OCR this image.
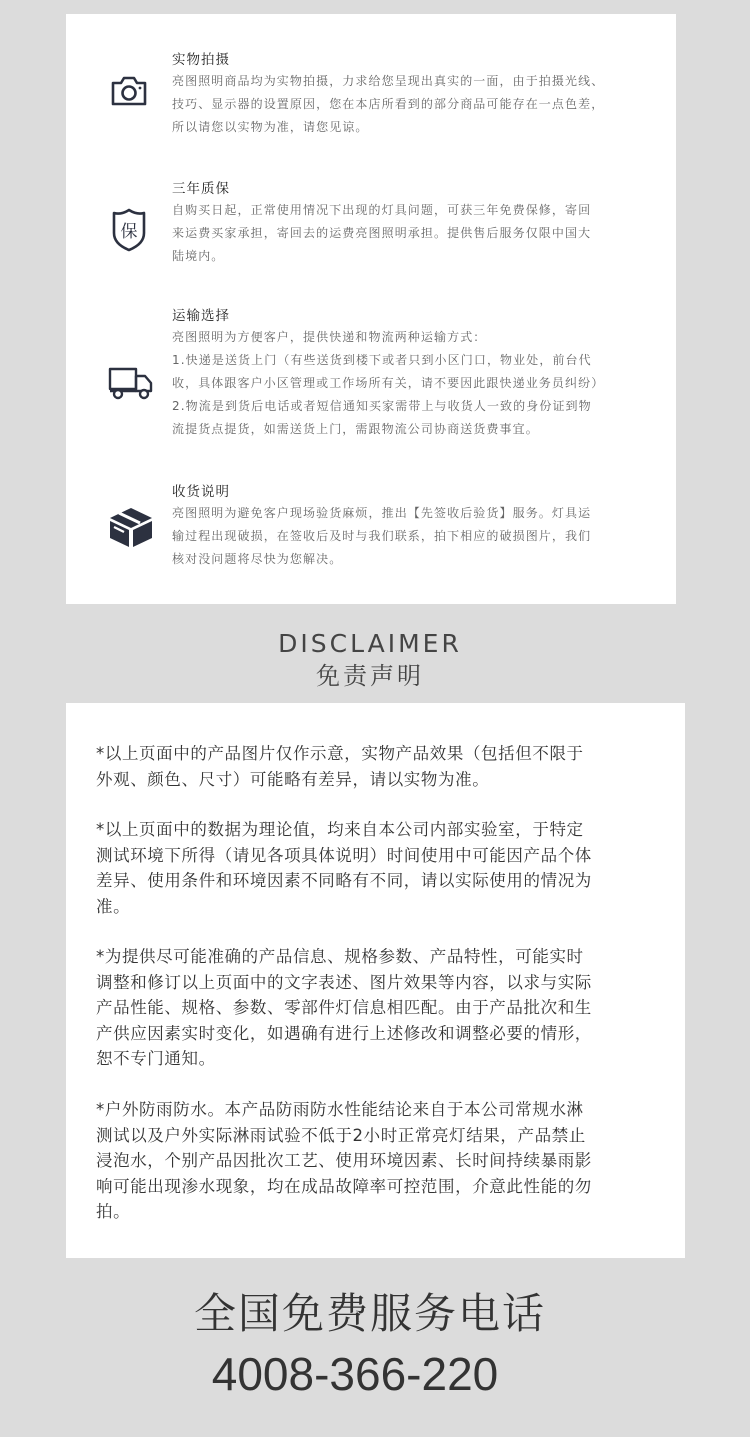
实物拍摄
亮图照明商品均为实物拍摄，力求给您呈现出真实的一面，由于拍摄光线、
技巧、显示器的设置原因，您在本店所看到的部分商品可能存在一点色差，
所以请您以实物为准，请您见谅。
保
三年质保
自购买日起，正常使用情况下出现的灯具问题，可获三年免费保修，寄回
来运费买家承担，寄回去的运费亮图照明承担。提供售后服务仅限中国大
陆境内。
运输选择
亮图照明为方便客户，提供快递和物流两种运输方式：
1.快递是送货上门（有些送货到楼下或者只到小区门口，物业处，前台代
收，具体跟客户小区管理或工作场所有关，请不要因此跟快递业务员纠纷）
2.物流是到货后电话或者短信通知买家需带上与收货人一致的身份证到物
流提货点提货，如需送货上门，需跟物流公司协商送货费事宜。
收货说明
亮图照明为避免客户现场验货麻烦，推出【先签收后验货】服务。灯具运
输过程出现破损，在签收后及时与我们联系，拍下相应的破损图片，我们
核对没问题将尽快为您解决。
DISCLAIMER
免责声明
*以上页面中的产品图片仅作示意，实物产品效果（包括但不限于
外观、颜色、尺寸）可能略有差异，请以实物为准。
*以上页面中的数据为理论值，均来自本公司内部实验室，于特定
测试环境下所得（请见各项具体说明）时间使用中可能因产品个体
差异、使用条件和环境因素不同略有不同，请以实际使用的情况为
准。
*为提供尽可能准确的产品信息、规格参数、产品特性，可能实时
调整和修订以上页面中的文字表述、图片效果等内容，以求与实际
产品性能、规格、参数、零部件灯信息相匹配。由于产品批次和生
产供应因素实时变化，如遇确有进行上述修改和调整必要的情形，
恕不专门通知。
*户外防雨防水。本产品防雨防水性能结论来自于本公司常规水淋
测试以及户外实际淋雨试验不低于2小时正常亮灯结果，产品禁止
浸泡水，个别产品因批次工艺、使用环境因素、长时间持续暴雨影
响可能出现渗水现象，均在成品故障率可控范围，介意此性能的勿
拍。
全国免费服务电话
4008-366-220
